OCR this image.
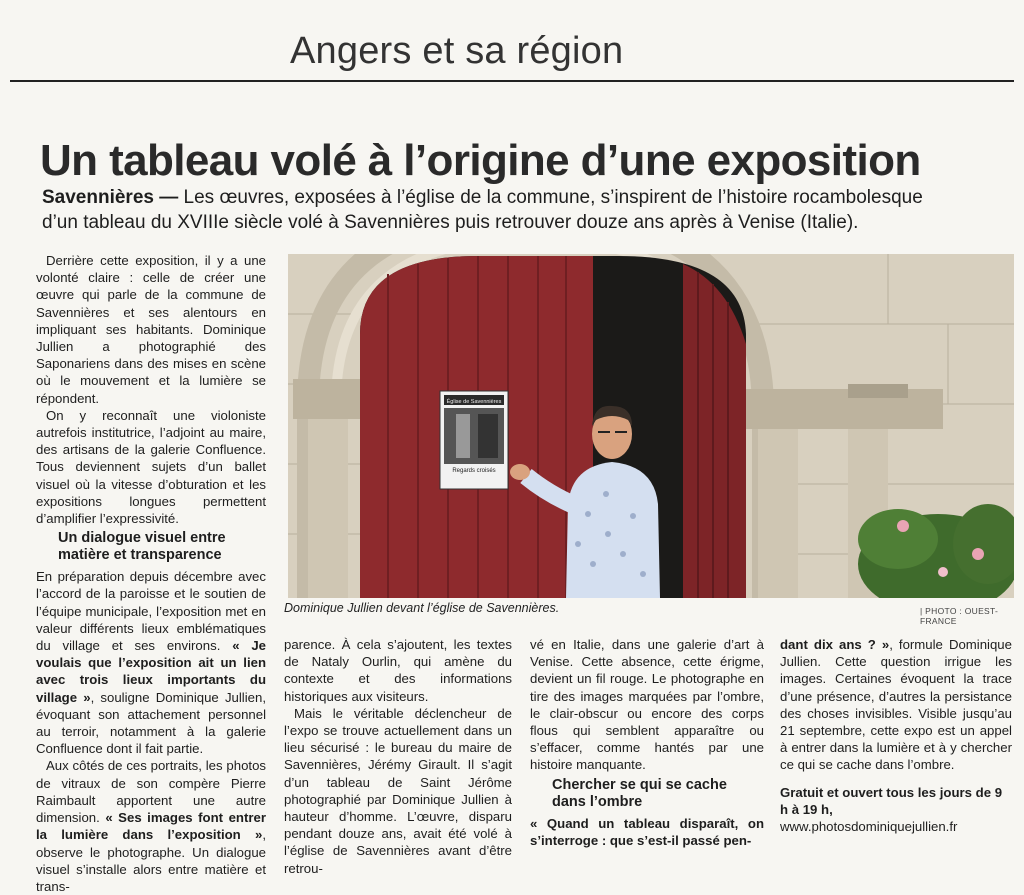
Angers et sa région
Un tableau volé à l’origine d’une exposition
Savennières — Les œuvres, exposées à l’église de la commune, s’inspirent de l’histoire rocambolesque d’un tableau du XVIIIe siècle volé à Savennières puis retrouver douze ans après à Venise (Italie).

Derrière cette exposition, il y a une volonté claire : celle de créer une œuvre qui parle de la commune de Savennières et ses alentours en impliquant ses habitants. Dominique Jullien a photographié des Saponariens dans des mises en scène où le mouvement et la lumière se répondent.

On y reconnaît une violoniste autrefois institutrice, l’adjoint au maire, des artisans de la galerie Confluence. Tous deviennent sujets d’un ballet visuel où la vitesse d’obturation et les expositions longues permettent d’amplifier l’expressivité.

Un dialogue visuel entre matière et transparence

En préparation depuis décembre avec l’accord de la paroisse et le soutien de l’équipe municipale, l’exposition met en valeur différents lieux emblématiques du village et ses environs. « Je voulais que l’exposition ait un lien avec trois lieux importants du village », souligne Dominique Jullien, évoquant son attachement personnel au terroir, notamment à la galerie Confluence dont il fait partie.

Aux côtés de ces portraits, les photos de vitraux de son compère Pierre Raimbault apportent une autre dimension. « Ses images font entrer la lumière dans l’exposition », observe le photographe. Un dialogue visuel s’installe alors entre matière et trans-

Regards croisés
Église de Savennières
Dominique Jullien devant l’église de Savennières.	| PHOTO : OUEST-FRANCE

parence. À cela s’ajoutent, les textes de Nataly Ourlin, qui amène du contexte et des informations historiques aux visiteurs.

Mais le véritable déclencheur de l’expo se trouve actuellement dans un lieu sécurisé : le bureau du maire de Savennières, Jérémy Girault. Il s’agit d’un tableau de Saint Jérôme photographié par Dominique Jullien à hauteur d’homme. L’œuvre, disparu pendant douze ans, avait été volé à l’église de Savennières avant d’être retrou-

vé en Italie, dans une galerie d’art à Venise. Cette absence, cette érigme, devient un fil rouge. Le photographe en tire des images marquées par l’ombre, le clair-obscur ou encore des corps flous qui semblent apparaître ou s’effacer, comme hantés par une histoire manquante.

Chercher se qui se cache dans l’ombre

« Quand un tableau disparaît, on s’interroge : que s’est-il passé pen-

dant dix ans ? », formule Dominique Jullien. Cette question irrigue les images. Certaines évoquent la trace d’une présence, d’autres la persistance des choses invisibles. Visible jusqu’au 21 septembre, cette expo est un appel à entrer dans la lumière et à y chercher ce qui se cache dans l’ombre.

Gratuit et ouvert tous les jours de 9 h à 19 h, www.photosdominiquejullien.fr
